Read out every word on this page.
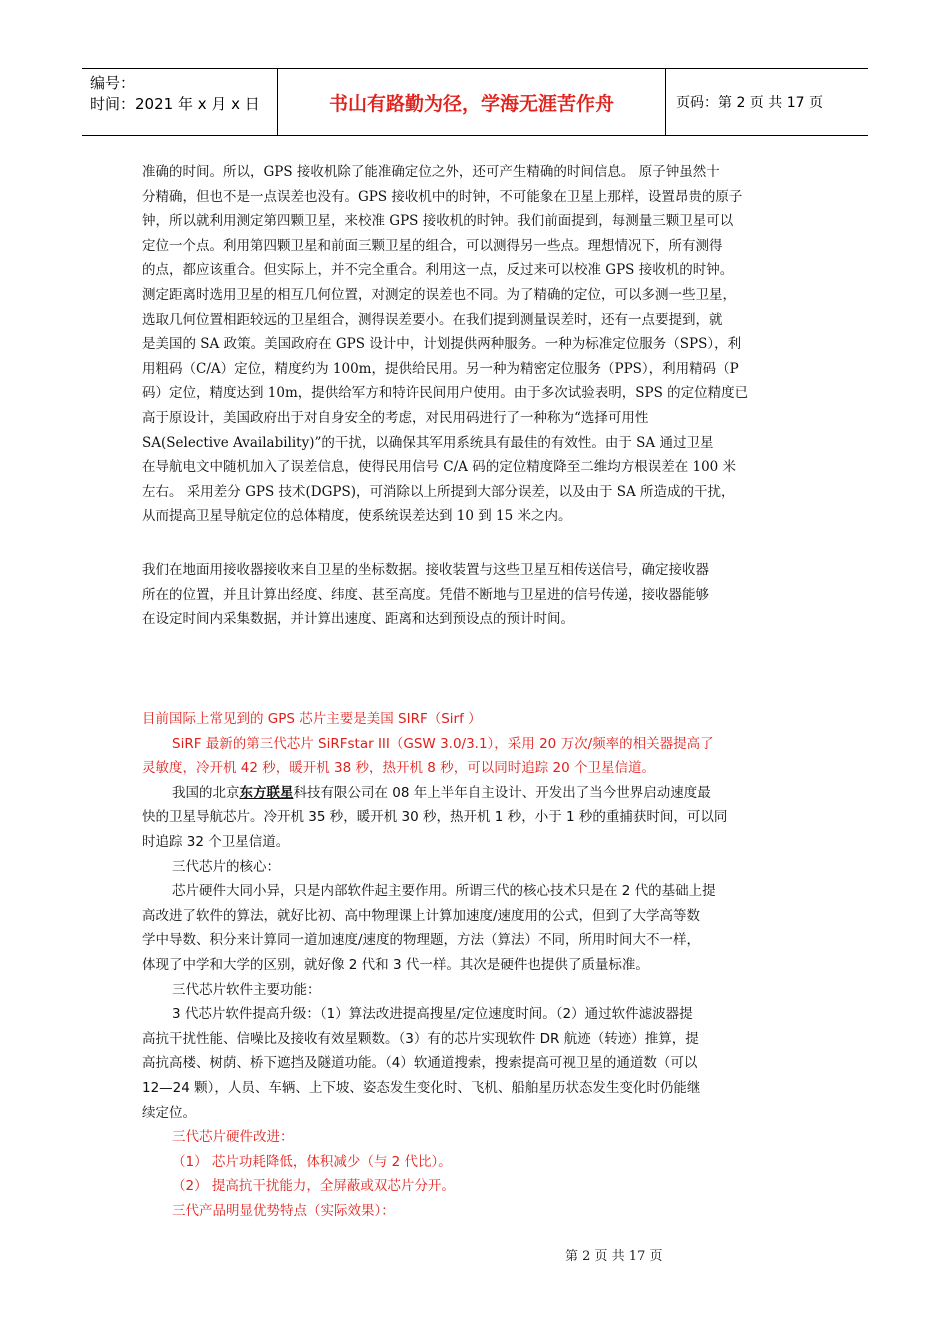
编号：
时间：2021 年 x 月 x 日	书山有路勤为径，学海无涯苦作舟	页码：第 2 页 共 17 页

准确的时间。所以，GPS 接收机除了能准确定位之外，还可产生精确的时间信息。 原子钟虽然十

分精确，但也不是一点误差也没有。GPS 接收机中的时钟，不可能象在卫星上那样，设置昂贵的原子

钟，所以就利用测定第四颗卫星，来校准 GPS 接收机的时钟。我们前面提到，每测量三颗卫星可以

定位一个点。利用第四颗卫星和前面三颗卫星的组合，可以测得另一些点。理想情况下，所有测得

的点，都应该重合。但实际上，并不完全重合。利用这一点，反过来可以校准 GPS 接收机的时钟。

测定距离时选用卫星的相互几何位置，对测定的误差也不同。为了精确的定位，可以多测一些卫星，

选取几何位置相距较远的卫星组合，测得误差要小。在我们提到测量误差时，还有一点要提到，就

是美国的 SA 政策。美国政府在 GPS 设计中，计划提供两种服务。一种为标准定位服务（SPS），利

用粗码（C/A）定位，精度约为 100m，提供给民用。另一种为精密定位服务（PPS），利用精码（P

码）定位，精度达到 10m，提供给军方和特许民间用户使用。由于多次试验表明，SPS 的定位精度已

高于原设计，美国政府出于对自身安全的考虑，对民用码进行了一种称为“选择可用性

SA(Selective Availability)”的干扰，以确保其军用系统具有最佳的有效性。由于 SA 通过卫星

在导航电文中随机加入了误差信息，使得民用信号 C/A 码的定位精度降至二维均方根误差在 100 米

左右。 采用差分 GPS 技术(DGPS)，可消除以上所提到大部分误差，以及由于 SA 所造成的干扰，

从而提高卫星导航定位的总体精度，使系统误差达到 10 到 15 米之内。

我们在地面用接收器接收来自卫星的坐标数据。接收装置与这些卫星互相传送信号，确定接收器

所在的位置，并且计算出经度、纬度、甚至高度。凭借不断地与卫星进的信号传递，接收器能够

在设定时间内采集数据，并计算出速度、距离和达到预设点的预计时间。

目前国际上常见到的 GPS 芯片主要是美国 SIRF（Sirf ）

SiRF 最新的第三代芯片 SiRFstar III（GSW 3.0/3.1），采用 20 万次/频率的相关器提高了

灵敏度，冷开机 42 秒，暖开机 38 秒，热开机 8 秒，可以同时追踪 20 个卫星信道。

我国的北京东方联星科技有限公司在 08 年上半年自主设计、开发出了当今世界启动速度最

快的卫星导航芯片。冷开机 35 秒，暖开机 30 秒，热开机 1 秒，小于 1 秒的重捕获时间，可以同

时追踪 32 个卫星信道。

三代芯片的核心：

芯片硬件大同小异，只是内部软件起主要作用。所谓三代的核心技术只是在 2 代的基础上提

高改进了软件的算法，就好比初、高中物理课上计算加速度/速度用的公式，但到了大学高等数

学中导数、积分来计算同一道加速度/速度的物理题，方法（算法）不同，所用时间大不一样，

体现了中学和大学的区别，就好像 2 代和 3 代一样。其次是硬件也提供了质量标准。

三代芯片软件主要功能：

3 代芯片软件提高升级：（1）算法改进提高搜星/定位速度时间。（2）通过软件滤波器提

高抗干扰性能、信噪比及接收有效星颗数。（3）有的芯片实现软件 DR 航迹（转迹）推算，提

高抗高楼、树荫、桥下遮挡及隧道功能。（4）软通道搜索，搜索提高可视卫星的通道数（可以

12—24 颗），人员、车辆、上下坡、姿态发生变化时、飞机、船舶星历状态发生变化时仍能继

续定位。

三代芯片硬件改进：

（1） 芯片功耗降低，体积减少（与 2 代比）。

（2） 提高抗干扰能力，全屏蔽或双芯片分开。

三代产品明显优势特点（实际效果）：

第 2 页 共 17 页
